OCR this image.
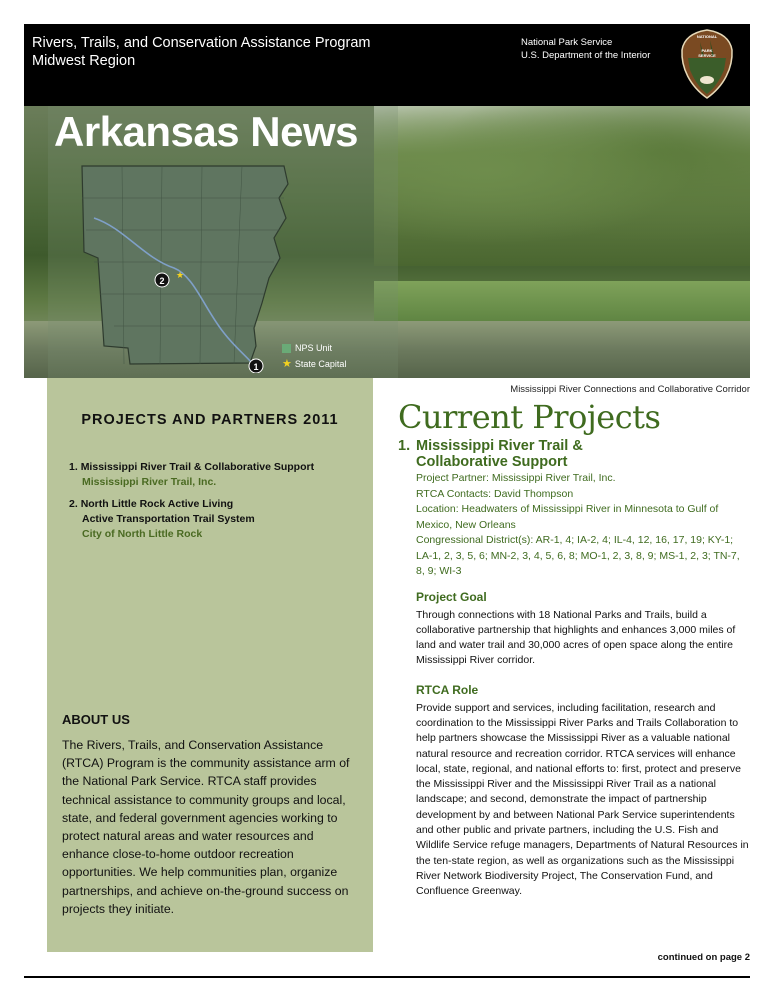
Rivers, Trails, and Conservation Assistance Program
Midwest Region
National Park Service
U.S. Department of the Interior
NATIONAL
PARK
SERVICE
Arkansas News
2 ★
1
NPS Unit
★ State Capital
Mississippi River Connections and Collaborative Corridor
PROJECTS AND PARTNERS 2011
1. Mississippi River Trail & Collaborative Support
Mississippi River Trail, Inc.
2. North Little Rock Active Living
Active Transportation Trail System
City of North Little Rock
ABOUT US

The Rivers, Trails, and Conservation Assistance (RTCA) Program is the community assistance arm of the National Park Service. RTCA staff provides technical assistance to community groups and local, state, and federal government agencies working to protect natural areas and water resources and enhance close-to-home outdoor recreation opportunities. We help communities plan, organize partnerships, and achieve on-the-ground success on projects they initiate.

Current Projects
1. Mississippi River Trail &
Collaborative Support
Project Partner: Mississippi River Trail, Inc.
RTCA Contacts: David Thompson
Location: Headwaters of Mississippi River in Minnesota to Gulf of Mexico, New Orleans
Congressional District(s): AR-1, 4; IA-2, 4; IL-4, 12, 16, 17, 19; KY-1; LA-1, 2, 3, 5, 6; MN-2, 3, 4, 5, 6, 8; MO-1, 2, 3, 8, 9; MS-1, 2, 3; TN-7, 8, 9; WI-3
Project Goal

Through connections with 18 National Parks and Trails, build a collaborative partnership that highlights and enhances 3,000 miles of land and water trail and 30,000 acres of open space along the entire Mississippi River corridor.

RTCA Role

Provide support and services, including facilitation, research and coordination to the Mississippi River Parks and Trails Collaboration to help partners showcase the Mississippi River as a valuable national natural resource and recreation corridor. RTCA services will enhance local, state, regional, and national efforts to: first, protect and preserve the Mississippi River and the Mississippi River Trail as a national landscape; and second, demonstrate the impact of partnership development by and between National Park Service superintendents and other public and private partners, including the U.S. Fish and Wildlife Service refuge managers, Departments of Natural Resources in the ten-state region, as well as organizations such as the Mississippi River Network Biodiversity Project, The Conservation Fund, and Confluence Greenway.

continued on page 2
